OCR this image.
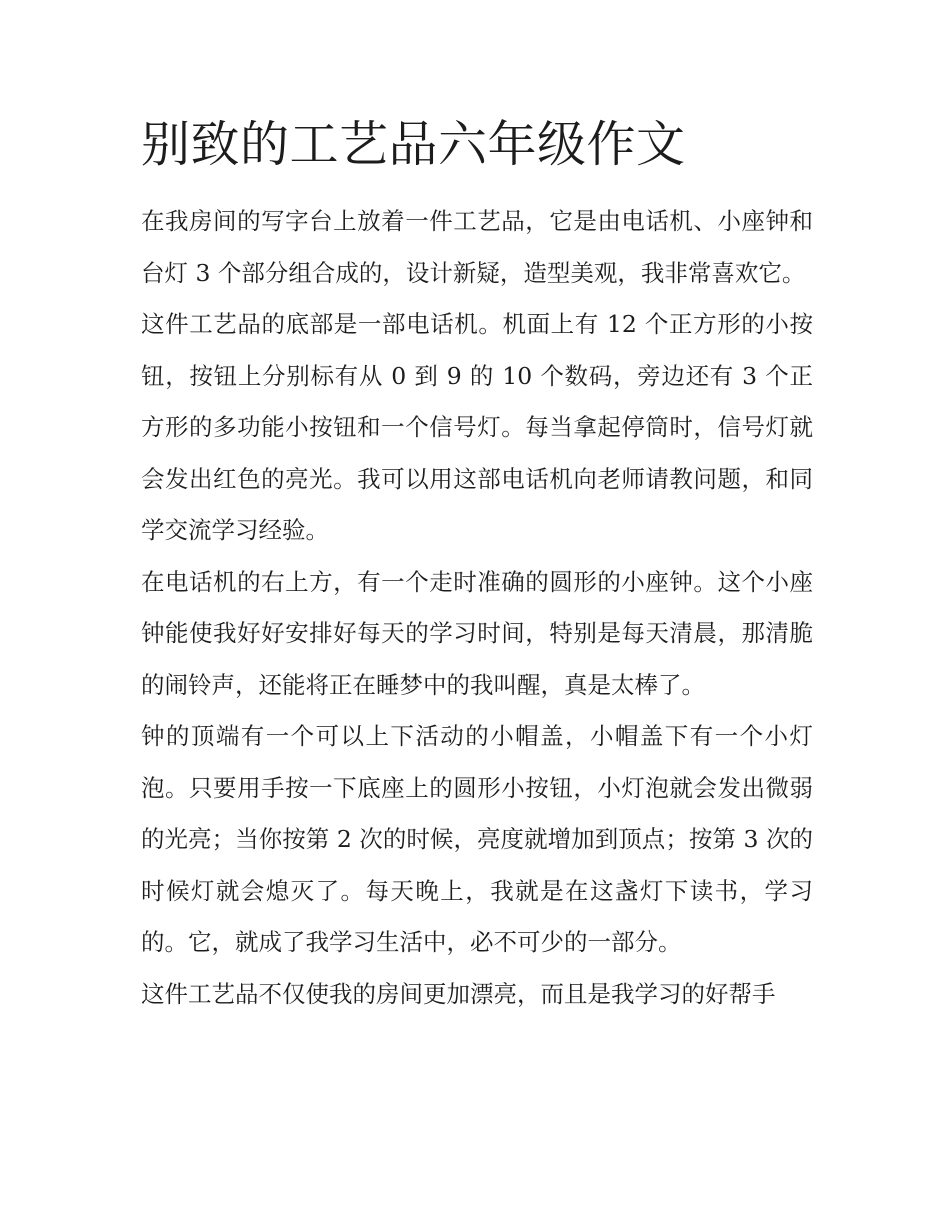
别致的工艺品六年级作文

在我房间的写字台上放着一件工艺品，它是由电话机、小座钟和台灯 3 个部分组合成的，设计新疑，造型美观，我非常喜欢它。

这件工艺品的底部是一部电话机。机面上有 12 个正方形的小按钮，按钮上分别标有从 0 到 9 的 10 个数码，旁边还有 3 个正方形的多功能小按钮和一个信号灯。每当拿起停筒时，信号灯就会发出红色的亮光。我可以用这部电话机向老师请教问题，和同学交流学习经验。

在电话机的右上方，有一个走时准确的圆形的小座钟。这个小座钟能使我好好安排好每天的学习时间，特别是每天清晨，那清脆的闹铃声，还能将正在睡梦中的我叫醒，真是太棒了。

钟的顶端有一个可以上下活动的小帽盖，小帽盖下有一个小灯泡。只要用手按一下底座上的圆形小按钮，小灯泡就会发出微弱的光亮；当你按第 2 次的时候，亮度就增加到顶点；按第 3 次的时候灯就会熄灭了。每天晚上，我就是在这盏灯下读书，学习的。它，就成了我学习生活中，必不可少的一部分。

这件工艺品不仅使我的房间更加漂亮，而且是我学习的好帮手
